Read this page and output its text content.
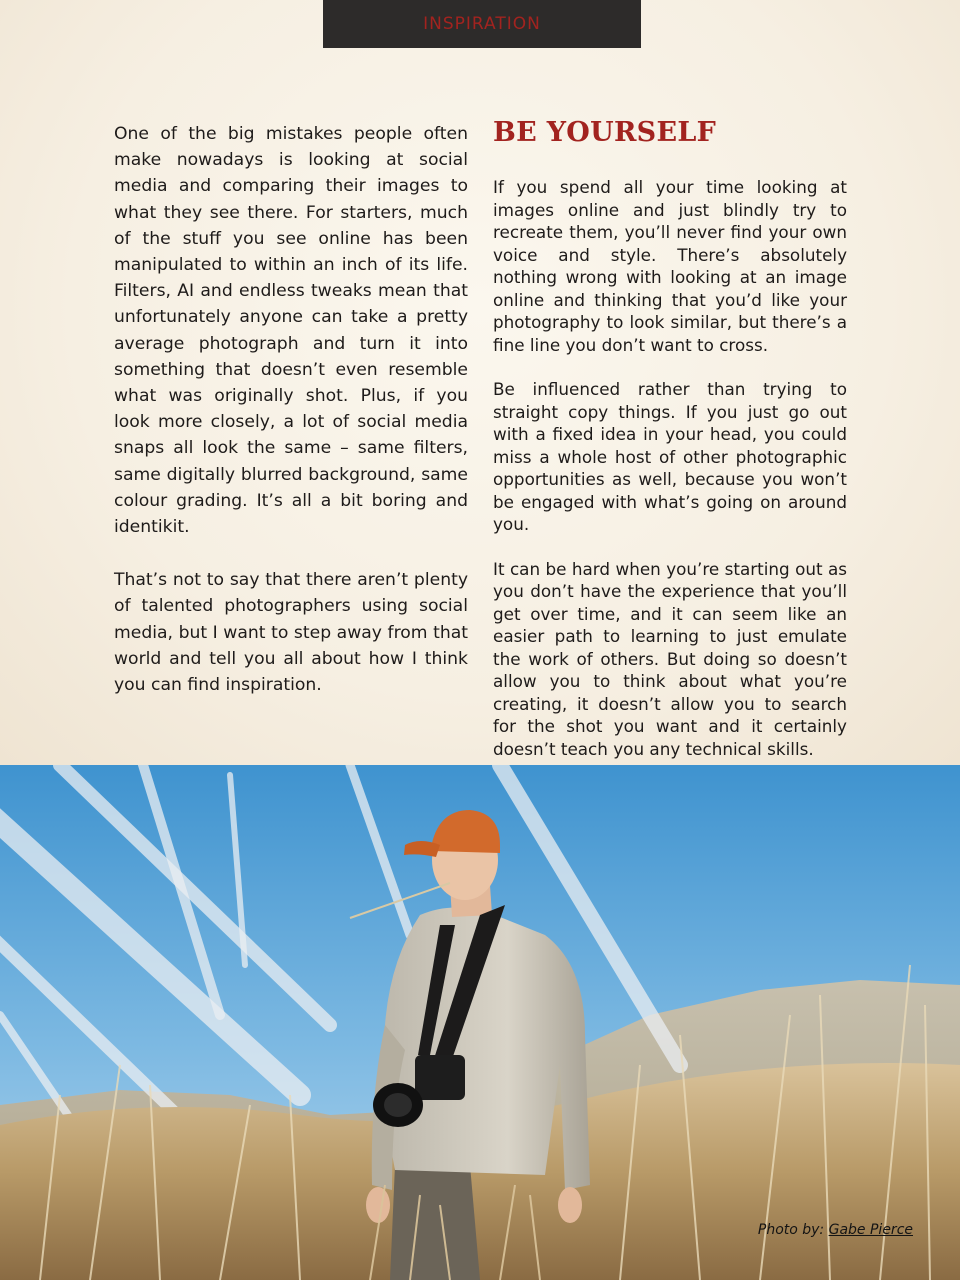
INSPIRATION

One of the big mistakes people often make nowadays is looking at social media and comparing their images to what they see there. For starters, much of the stuff you see online has been manipulated to within an inch of its life. Filters, AI and endless tweaks mean that unfortunately anyone can take a pretty average photograph and turn it into something that doesn’t even resemble what was originally shot. Plus, if you look more closely, a lot of social media snaps all look the same – same filters, same digitally blurred background, same colour grading. It’s all a bit boring and identikit.

That’s not to say that there aren’t plenty of talented photographers using social media, but I want to step away from that world and tell you all about how I think you can find inspiration.

BE YOURSELF

If you spend all your time looking at images online and just blindly try to recreate them, you’ll never find your own voice and style. There’s absolutely nothing wrong with looking at an image online and thinking that you’d like your photography to look similar, but there’s a fine line you don’t want to cross.

Be influenced rather than trying to straight copy things. If you just go out with a fixed idea in your head, you could miss a whole host of other photographic opportunities as well, because you won’t be engaged with what’s going on around you.

It can be hard when you’re starting out as you don’t have the experience that you’ll get over time, and it can seem like an easier path to learning to just emulate the work of others. But doing so doesn’t allow you to think about what you’re creating, it doesn’t allow you to search for the shot you want and it certainly doesn’t teach you any technical skills.

Photo by: Gabe Pierce
